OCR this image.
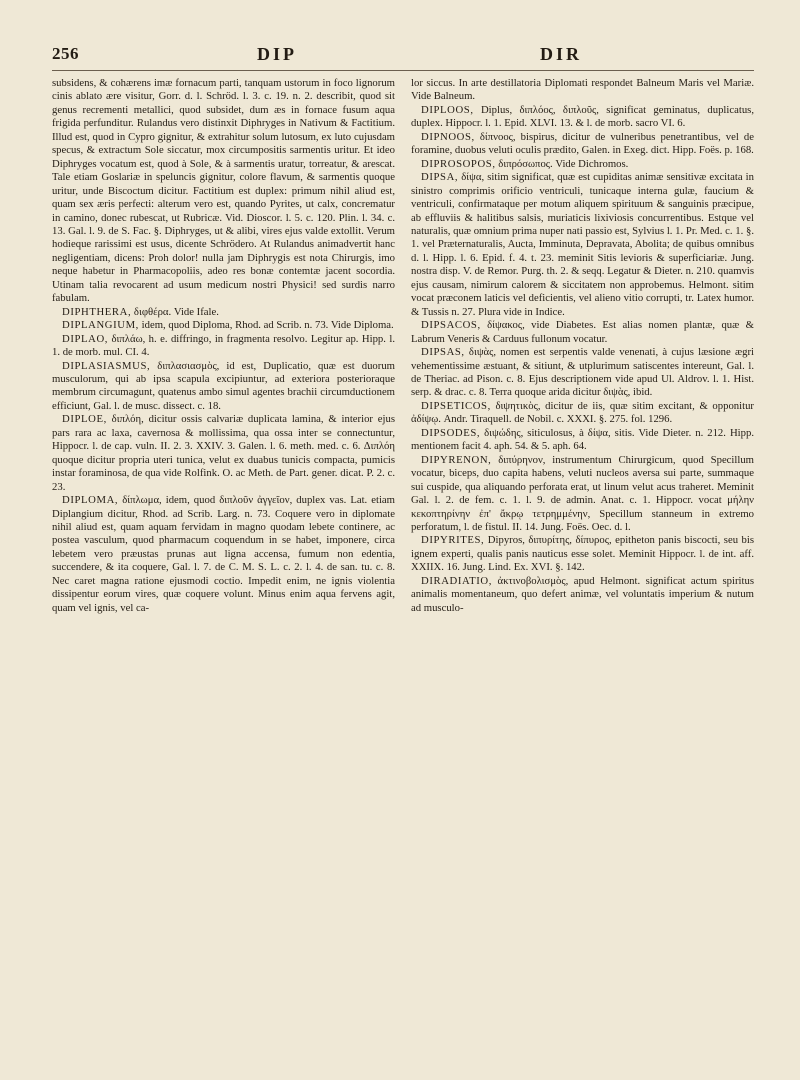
256	DIP	DIR

subsidens, & cohærens imæ fornacum parti, tanquam ustorum in foco lignorum cinis ablato ære visitur, Gorr. d. l. Schröd. l. 3. c. 19. n. 2. describit, quod sit genus recrementi metallici, quod subsidet, dum æs in fornace fusum aqua frigida perfunditur. Rulandus vero distinxit Diphryges in Nativum & Factitium. Illud est, quod in Cypro gignitur, & extrahitur solum lutosum, ex luto cujusdam specus, & extractum Sole siccatur, mox circumpositis sarmentis uritur. Et ideo Diphryges vocatum est, quod à Sole, & à sarmentis uratur, torreatur, & arescat. Tale etiam Goslariæ in speluncis gignitur, colore flavum, & sarmentis quoque uritur, unde Biscoctum dicitur. Factitium est duplex: primum nihil aliud est, quam sex æris perfecti: alterum vero est, quando Pyrites, ut calx, concrematur in camino, donec rubescat, ut Rubricæ. Vid. Dioscor. l. 5. c. 120. Plin. l. 34. c. 13. Gal. l. 9. de S. Fac. §. Diphryges, ut & alibi, vires ejus valde extollit. Verum hodieque rarissimi est usus, dicente Schrödero. At Rulandus animadvertit hanc negligentiam, dicens: Proh dolor! nulla jam Diphrygis est nota Chirurgis, imo neque habetur in Pharmacopoliis, adeo res bonæ contemtæ jacent socordia. Utinam talia revocarent ad usum medicum nostri Physici! sed surdis narro fabulam.

DIPHTHERA, διφθέρα. Vide Ifale.

DIPLANGIUM, idem, quod Diploma, Rhod. ad Scrib. n. 73. Vide Diploma.

DIPLAO, διπλάω, h. e. diffringo, in fragmenta resolvo. Legitur ap. Hipp. l. 1. de morb. mul. CI. 4.

DIPLASIASMUS, διπλασιασμὸς, id est, Duplicatio, quæ est duorum musculorum, qui ab ipsa scapula excipiuntur, ad exteriora posterioraque membrum circumagunt, quatenus ambo simul agentes brachii circumductionem efficiunt, Gal. l. de musc. dissect. c. 18.

DIPLOE, διπλόη, dicitur ossis calvariæ duplicata lamina, & interior ejus pars rara ac laxa, cavernosa & mollissima, qua ossa inter se connectuntur, Hippocr. l. de cap. vuln. II. 2. 3. XXIV. 3. Galen. l. 6. meth. med. c. 6. Διπλόη quoque dicitur propria uteri tunica, velut ex duabus tunicis compacta, pumicis instar foraminosa, de qua vide Rolfink. O. ac Meth. de Part. gener. dicat. P. 2. c. 23.

DIPLOMA, δίπλωμα, idem, quod διπλοῦν ἀγγεῖον, duplex vas. Lat. etiam Diplangium dicitur, Rhod. ad Scrib. Larg. n. 73. Coquere vero in diplomate nihil aliud est, quam aquam fervidam in magno quodam lebete continere, ac postea vasculum, quod pharmacum coquendum in se habet, imponere, circa lebetem vero præustas prunas aut ligna accensa, fumum non edentia, succendere, & ita coquere, Gal. l. 7. de C. M. S. L. c. 2. l. 4. de san. tu. c. 8. Nec caret magna ratione ejusmodi coctio. Impedit enim, ne ignis violentia dissipentur eorum vires, quæ coquere volunt. Minus enim aqua fervens agit, quam vel ignis, vel ca-

lor siccus. In arte destillatoria Diplomati respondet Balneum Maris vel Mariæ. Vide Balneum.

DIPLOOS, Diplus, διπλόος, διπλοῦς, significat geminatus, duplicatus, duplex. Hippocr. l. 1. Epid. XLVI. 13. & l. de morb. sacro VI. 6.

DIPNOOS, δίπνοος, bispirus, dicitur de vulneribus penetrantibus, vel de foramine, duobus veluti oculis prædito, Galen. in Exeg. dict. Hipp. Foës. p. 168.

DIPROSOPOS, διπρόσωπος. Vide Dichromos.

DIPSA, δίψα, sitim significat, quæ est cupiditas animæ sensitivæ excitata in sinistro comprimis orificio ventriculi, tunicaque interna gulæ, faucium & ventriculi, confirmataque per motum aliquem spirituum & sanguinis præcipue, ab effluviis & halitibus salsis, muriaticis lixiviosis concurrentibus. Estque vel naturalis, quæ omnium prima nuper nati passio est, Sylvius l. 1. Pr. Med. c. 1. §. 1. vel Præternaturalis, Aucta, Imminuta, Depravata, Abolita; de quibus omnibus d. l. Hipp. l. 6. Epid. f. 4. t. 23. meminit Sitis levioris & superficiariæ. Jung. nostra disp. V. de Remor. Purg. th. 2. & seqq. Legatur & Dieter. n. 210. quamvis ejus causam, nimirum calorem & siccitatem non approbemus. Helmont. sitim vocat præconem laticis vel deficientis, vel alieno vitio corrupti, tr. Latex humor. & Tussis n. 27. Plura vide in Indice.

DIPSACOS, δίψακος, vide Diabetes. Est alias nomen plantæ, quæ & Labrum Veneris & Carduus fullonum vocatur.

DIPSAS, διψὰς, nomen est serpentis valde venenati, à cujus læsione ægri vehementissime æstuant, & sitiunt, & utplurimum satiscentes intereunt, Gal. l. de Theriac. ad Pison. c. 8. Ejus descriptionem vide apud Ul. Aldrov. l. 1. Hist. serp. & drac. c. 8. Terra quoque arida dicitur διψὰς, ibid.

DIPSETICOS, διψητικὸς, dicitur de iis, quæ sitim excitant, & opponitur ἀδίψῳ. Andr. Tiraquell. de Nobil. c. XXXI. §. 275. fol. 1296.

DIPSODES, διψώδης, siticulosus, à δίψα, sitis. Vide Dieter. n. 212. Hipp. mentionem facit 4. aph. 54. & 5. aph. 64.

DIPYRENON, διπύρηνον, instrumentum Chirurgicum, quod Specillum vocatur, biceps, duo capita habens, veluti nucleos aversa sui parte, summaque sui cuspide, qua aliquando perforata erat, ut linum velut acus traheret. Meminit Gal. l. 2. de fem. c. 1. l. 9. de admin. Anat. c. 1. Hippocr. vocat μήλην κεκοπτηρίνην ἐπ' ἄκρῳ τετρημμένην, Specillum stanneum in extremo perforatum, l. de fistul. II. 14. Jung. Foës. Oec. d. l.

DIPYRITES, Dipyros, διπυρίτης, δίπυρος, epitheton panis biscocti, seu bis ignem experti, qualis panis nauticus esse solet. Meminit Hippocr. l. de int. aff. XXIIX. 16. Jung. Lind. Ex. XVI. §. 142.

DIRADIATIO, ἀκτινοβολισμὸς, apud Helmont. significat actum spiritus animalis momentaneum, quo defert animæ, vel voluntatis imperium & nutum ad musculo-
